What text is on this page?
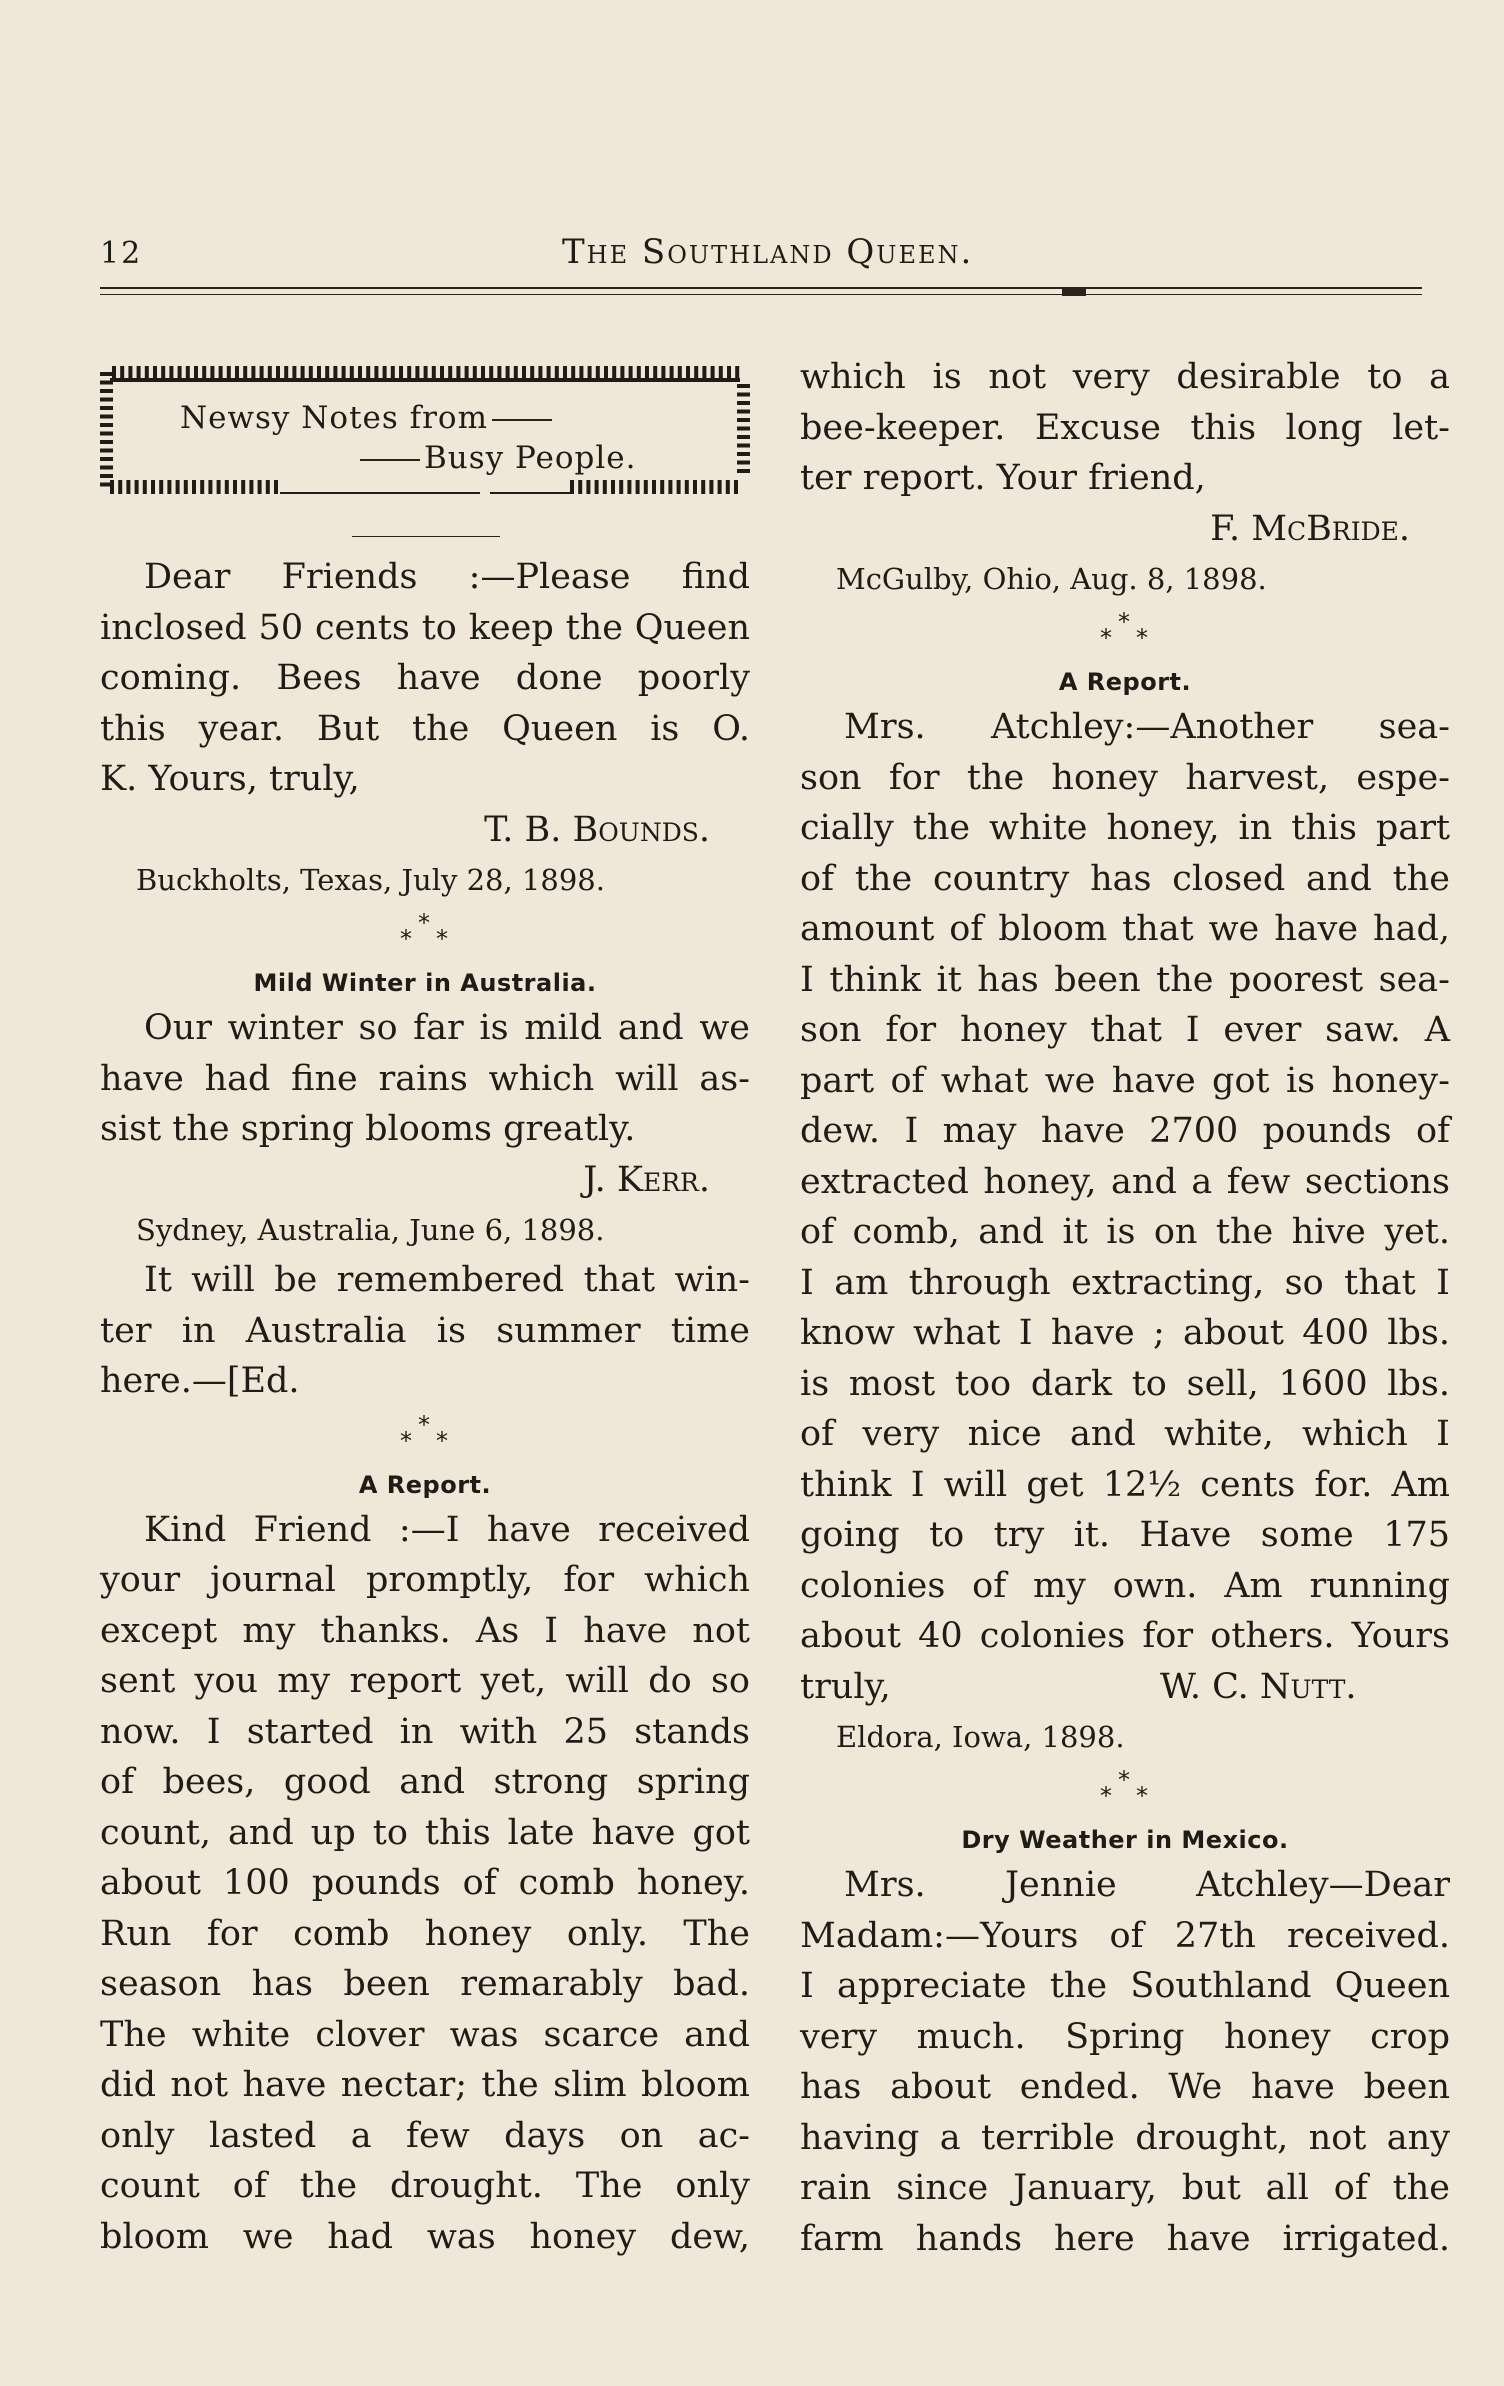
12	The Southland Queen.
Newsy Notes from
Busy People.
Dear Friends :—Please find
inclosed 50 cents to keep the Queen
coming. Bees have done poorly
this year. But the Queen is O.
K. Yours, truly,
T. B. Bounds.
Buckholts, Texas, July 28, 1898.
*
* *
Mild Winter in Australia.
Our winter so far is mild and we
have had fine rains which will as-
sist the spring blooms greatly.
J. Kerr.
Sydney, Australia, June 6, 1898.
It will be remembered that win-
ter in Australia is summer time
here.—[Ed.
*
* *
A Report.
Kind Friend :—I have received
your journal promptly, for which
except my thanks. As I have not
sent you my report yet, will do so
now. I started in with 25 stands
of bees, good and strong spring
count, and up to this late have got
about 100 pounds of comb honey.
Run for comb honey only. The
season has been remarably bad.
The white clover was scarce and
did not have nectar; the slim bloom
only lasted a few days on ac-
count of the drought. The only
bloom we had was honey dew,
which is not very desirable to a
bee-keeper. Excuse this long let-
ter report. Your friend,
F. McBride.
McGulby, Ohio, Aug. 8, 1898.
*
* *
A Report.
Mrs. Atchley:—Another sea-
son for the honey harvest, espe-
cially the white honey, in this part
of the country has closed and the
amount of bloom that we have had,
I think it has been the poorest sea-
son for honey that I ever saw. A
part of what we have got is honey-
dew. I may have 2700 pounds of
extracted honey, and a few sections
of comb, and it is on the hive yet.
I am through extracting, so that I
know what I have ; about 400 lbs.
is most too dark to sell, 1600 lbs.
of very nice and white, which I
think I will get 12½ cents for. Am
going to try it. Have some 175
colonies of my own. Am running
about 40 colonies for others. Yours
truly,	W. C. Nutt.
Eldora, Iowa, 1898.
*
* *
Dry Weather in Mexico.
Mrs. Jennie Atchley—Dear
Madam:—Yours of 27th received.
I appreciate the Southland Queen
very much. Spring honey crop
has about ended. We have been
having a terrible drought, not any
rain since January, but all of the
farm hands here have irrigated.
